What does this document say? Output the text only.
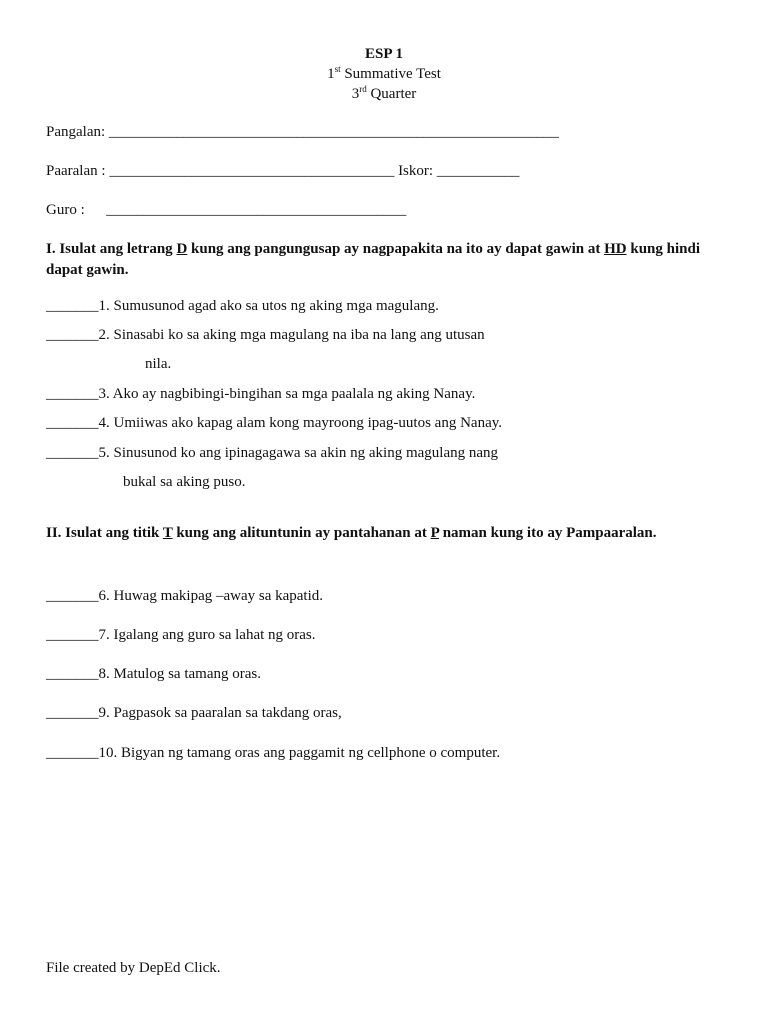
ESP 1
1st Summative Test
3rd Quarter
Pangalan: ____________________________________________________________
Paaralan : ______________________________________ Iskor: ___________
Guro : ________________________________________
I. Isulat ang letrang D kung ang pangungusap ay nagpapakita na ito ay dapat gawin at HD kung hindi dapat gawin.
_______1. Sumusunod agad ako sa utos ng aking mga magulang.
_______2. Sinasabi ko sa aking mga magulang na iba na lang ang utusan
nila.
_______3. Ako ay nagbibingi-bingihan sa mga paalala ng aking Nanay.
_______4. Umiiwas ako kapag alam kong mayroong ipag-uutos ang Nanay.
_______5. Sinusunod ko ang ipinagagawa sa akin ng aking magulang nang
bukal sa aking puso.
II. Isulat ang titik T kung ang alituntunin ay pantahanan at P naman kung ito ay Pampaaralan.
_______6. Huwag makipag –away sa kapatid.
_______7. Igalang ang guro sa lahat ng oras.
_______8. Matulog sa tamang oras.
_______9. Pagpasok sa paaralan sa takdang oras,
_______10. Bigyan ng tamang oras ang paggamit ng cellphone o computer.
File created by DepEd Click.
